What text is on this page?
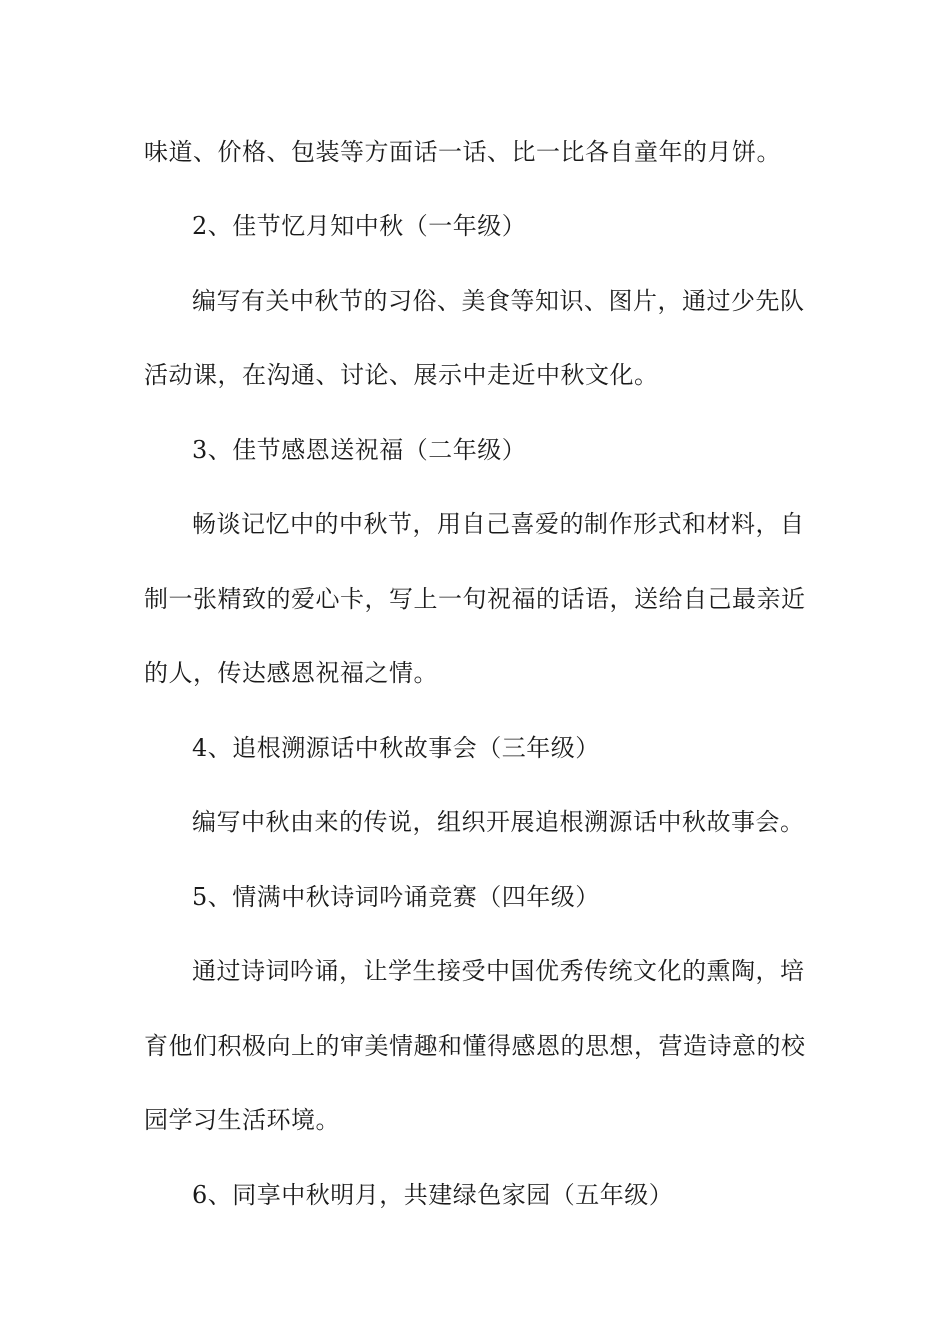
味道、价格、包装等方面话一话、比一比各自童年的月饼。
2、佳节忆月知中秋（一年级）
编写有关中秋节的习俗、美食等知识、图片，通过少先队
活动课，在沟通、讨论、展示中走近中秋文化。
3、佳节感恩送祝福（二年级）
畅谈记忆中的中秋节，用自己喜爱的制作形式和材料，自
制一张精致的爱心卡，写上一句祝福的话语，送给自己最亲近
的人，传达感恩祝福之情。
4、追根溯源话中秋故事会（三年级）
编写中秋由来的传说，组织开展追根溯源话中秋故事会。
5、情满中秋诗词吟诵竞赛（四年级）
通过诗词吟诵，让学生接受中国优秀传统文化的熏陶，培
育他们积极向上的审美情趣和懂得感恩的思想，营造诗意的校
园学习生活环境。
6、同享中秋明月，共建绿色家园（五年级）
